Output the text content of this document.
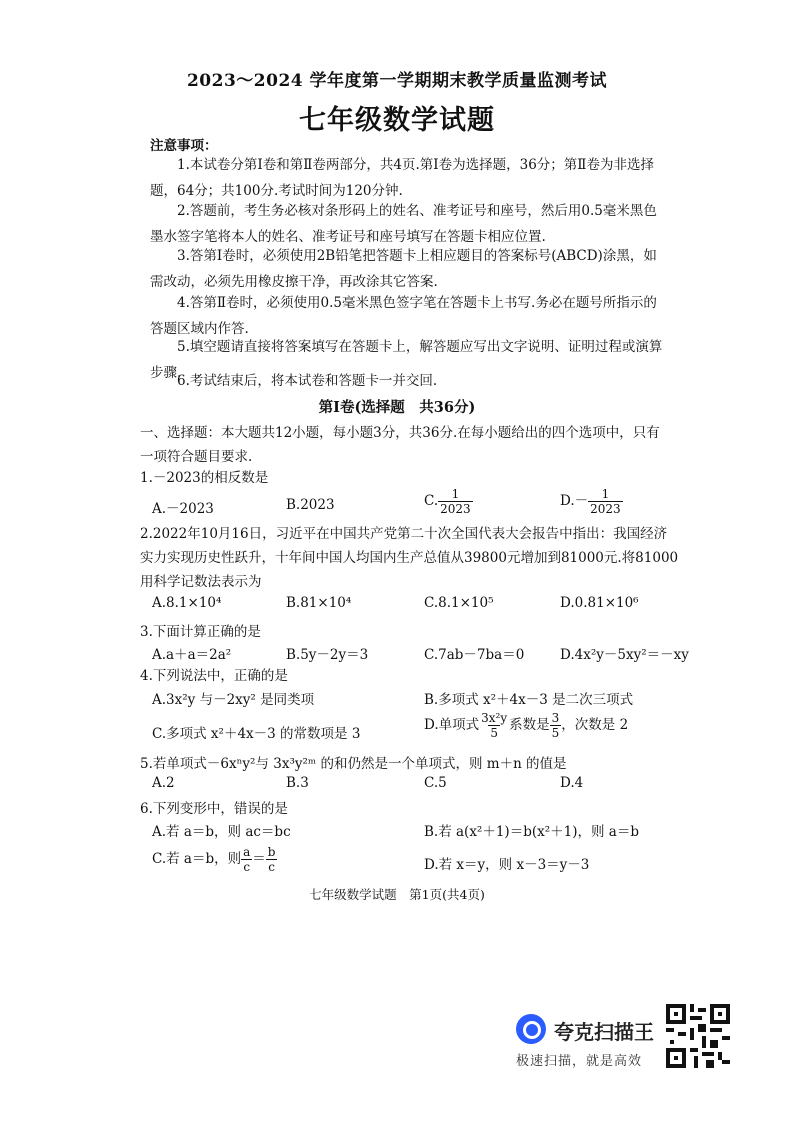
2023～2024 学年度第一学期期末教学质量监测考试
七年级数学试题
注意事项：
1.本试卷分第Ⅰ卷和第Ⅱ卷两部分，共4页.第Ⅰ卷为选择题，36分；第Ⅱ卷为非选择题，64分；共100分.考试时间为120分钟.
2.答题前，考生务必核对条形码上的姓名、准考证号和座号，然后用0.5毫米黑色墨水签字笔将本人的姓名、准考证号和座号填写在答题卡相应位置.
3.答第Ⅰ卷时，必须使用2B铅笔把答题卡上相应题目的答案标号(ABCD)涂黑，如需改动，必须先用橡皮擦干净，再改涂其它答案.
4.答第Ⅱ卷时，必须使用0.5毫米黑色签字笔在答题卡上书写.务必在题号所指示的答题区域内作答.
5.填空题请直接将答案填写在答题卡上，解答题应写出文字说明、证明过程或演算步骤.
6.考试结束后，将本试卷和答题卡一并交回.
第Ⅰ卷(选择题　共36分)
一、选择题：本大题共12小题，每小题3分，共36分.在每小题给出的四个选项中，只有一项符合题目要求.
1.－2023的相反数是
A.－2023	B.2023	C. $\frac{1}{2023}$	$D.- \frac{1}{2023}$
2.2022年10月16日，习近平在中国共产党第二十次全国代表大会报告中指出：我国经济实力实现历史性跃升，十年间中国人均国内生产总值从39800元增加到81000元.将81000用科学记数法表示为
A.8.1×10⁴	B.81×10⁴	C.8.1×10⁵	D.0.81×10⁶
3.下面计算正确的是
A.a＋a＝2a²	B.5y－2y＝3	C.7ab－7ba＝0	D.4x²y－5xy²＝－xy
4.下列说法中，正确的是
A.3x²y 与－2xy² 是同类项	B.多项式 x²＋4x－3 是二次三项式
C.多项式 x²＋4x－3 的常数项是 3
D.单项式 $\frac{\text{3x²y}}{5}$ 系数是 $\frac{3}{5}$ ，次数是 2
5.若单项式－6xⁿy²与 3x³y²ᵐ 的和仍然是一个单项式，则 m＋n 的值是
A.2	B.3	C.5	D.4
6.下列变形中，错误的是
A.若 a＝b，则 ac＝bc	B.若 a(x²＋1)＝b(x²＋1)，则 a＝b
C.若 a＝b，则 $\frac{a}{c} = \frac{b}{c}$	D.若 x＝y，则 x－3＝y－3
七年级数学试题　第1页(共4页)
夸克扫描王
极速扫描，就是高效
